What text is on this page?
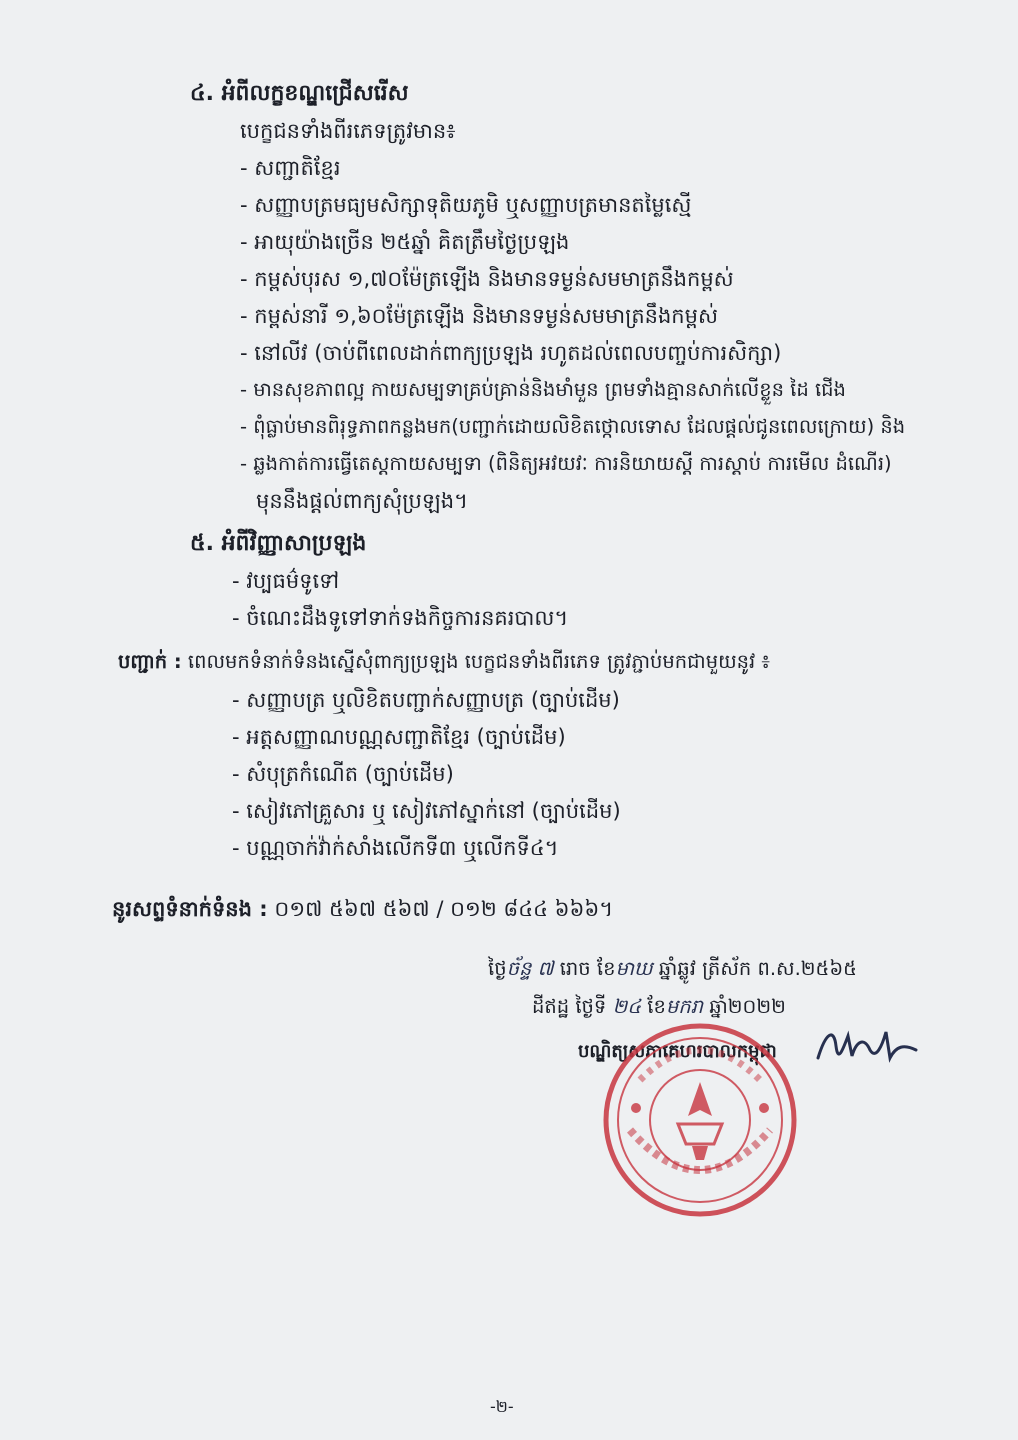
៤. អំពីលក្ខខណ្ឌជ្រើសរើស
បេក្ខជនទាំងពីរភេទត្រូវមាន៖
- សញ្ជាតិខ្មែរ
- សញ្ញាបត្រមធ្យមសិក្សាទុតិយភូមិ ឬសញ្ញាបត្រមានតម្លៃស្មើ
- អាយុយ៉ាងច្រើន ២៥ឆ្នាំ គិតត្រឹមថ្ងៃប្រឡង
- កម្ពស់បុរស ១,៧០ម៉ែត្រឡើង និងមានទម្ងន់សមមាត្រនឹងកម្ពស់
- កម្ពស់នារី ១,៦០ម៉ែត្រឡើង និងមានទម្ងន់សមមាត្រនឹងកម្ពស់
- នៅលីវ (ចាប់ពីពេលដាក់ពាក្យប្រឡង រហូតដល់ពេលបញ្ចប់ការសិក្សា)
- មានសុខភាពល្អ កាយសម្បទាគ្រប់គ្រាន់និងមាំមួន ព្រមទាំងគ្មានសាក់លើខ្លួន ដៃ ជើង
- ពុំធ្លាប់មានពិរុទ្ធភាពកន្លងមក(បញ្ជាក់ដោយលិខិតថ្កោលទោស ដែលផ្តល់ជូនពេលក្រោយ) និង
- ឆ្លងកាត់ការធ្វើតេស្តកាយសម្បទា (ពិនិត្យអវយវៈ ការនិយាយស្តី ការស្តាប់ ការមើល ដំណើរ)
មុននឹងផ្តល់ពាក្យសុំប្រឡង។
៥. អំពីវិញ្ញាសាប្រឡង
- វប្បធម៌ទូទៅ
- ចំណេះដឹងទូទៅទាក់ទងកិច្ចការនគរបាល។
បញ្ជាក់ : ពេលមកទំនាក់ទំនងស្នើសុំពាក្យប្រឡង បេក្ខជនទាំងពីរភេទ ត្រូវភ្ជាប់មកជាមួយនូវ ៖
- សញ្ញាបត្រ ឬលិខិតបញ្ជាក់សញ្ញាបត្រ (ច្បាប់ដើម)
- អត្តសញ្ញាណបណ្ណសញ្ជាតិខ្មែរ (ច្បាប់ដើម)
- សំបុត្រកំណើត (ច្បាប់ដើម)
- សៀវភៅគ្រួសារ ឬ សៀវភៅស្នាក់នៅ (ច្បាប់ដើម)
- បណ្ណចាក់វ៉ាក់សាំងលើកទី៣ ឬលើកទី៤។
នូរសព្ទទំនាក់ទំនង : ០១៧ ៥៦៧ ៥៦៧ / ០១២ ៨៤៤ ៦៦៦។
ថ្ងៃច័ន្ទ ៧ រោច ខែមាឃ ឆ្នាំឆ្លូវ ត្រីស័ក ព.ស.២៥៦៥
ដីឥដ្ឋ ថ្ងៃទី ២៤ ខែមករា ឆ្នាំ២០២២
បណ្ឌិត្យសភាគេហរបាលកម្ពុជា
-២-
